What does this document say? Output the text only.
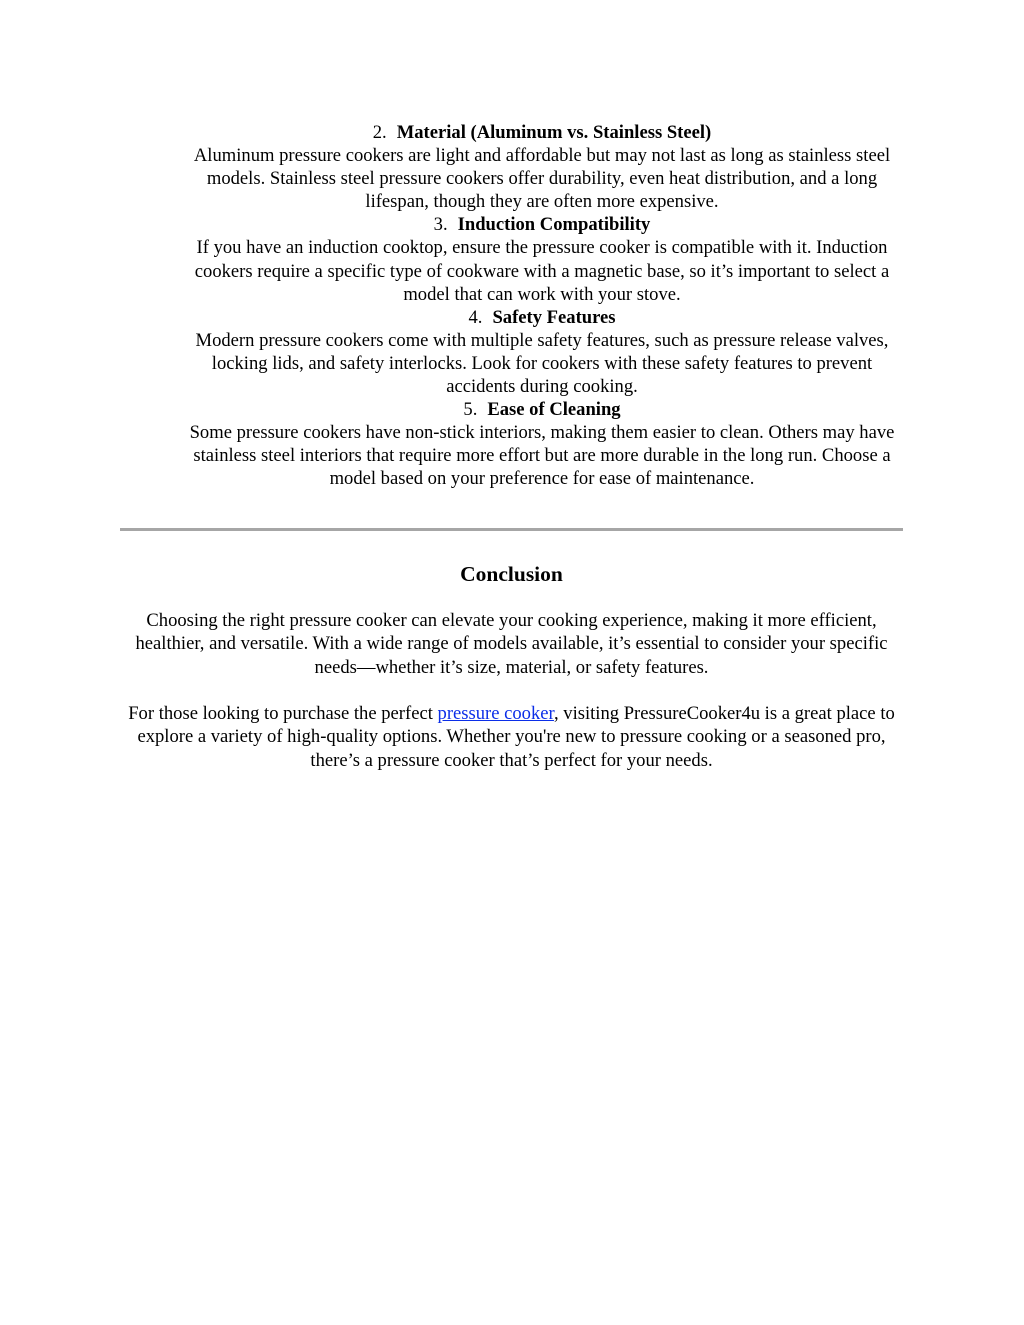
2. Material (Aluminum vs. Stainless Steel)

Aluminum pressure cookers are light and affordable but may not last as long as stainless steel models. Stainless steel pressure cookers offer durability, even heat distribution, and a long lifespan, though they are often more expensive.

3. Induction Compatibility

If you have an induction cooktop, ensure the pressure cooker is compatible with it. Induction cookers require a specific type of cookware with a magnetic base, so it’s important to select a model that can work with your stove.

4. Safety Features

Modern pressure cookers come with multiple safety features, such as pressure release valves, locking lids, and safety interlocks. Look for cookers with these safety features to prevent accidents during cooking.

5. Ease of Cleaning

Some pressure cookers have non-stick interiors, making them easier to clean. Others may have stainless steel interiors that require more effort but are more durable in the long run. Choose a model based on your preference for ease of maintenance.

Conclusion

Choosing the right pressure cooker can elevate your cooking experience, making it more efficient, healthier, and versatile. With a wide range of models available, it’s essential to consider your specific needs—whether it’s size, material, or safety features.

For those looking to purchase the perfect pressure cooker, visiting PressureCooker4u is a great place to explore a variety of high-quality options. Whether you're new to pressure cooking or a seasoned pro, there’s a pressure cooker that’s perfect for your needs.
